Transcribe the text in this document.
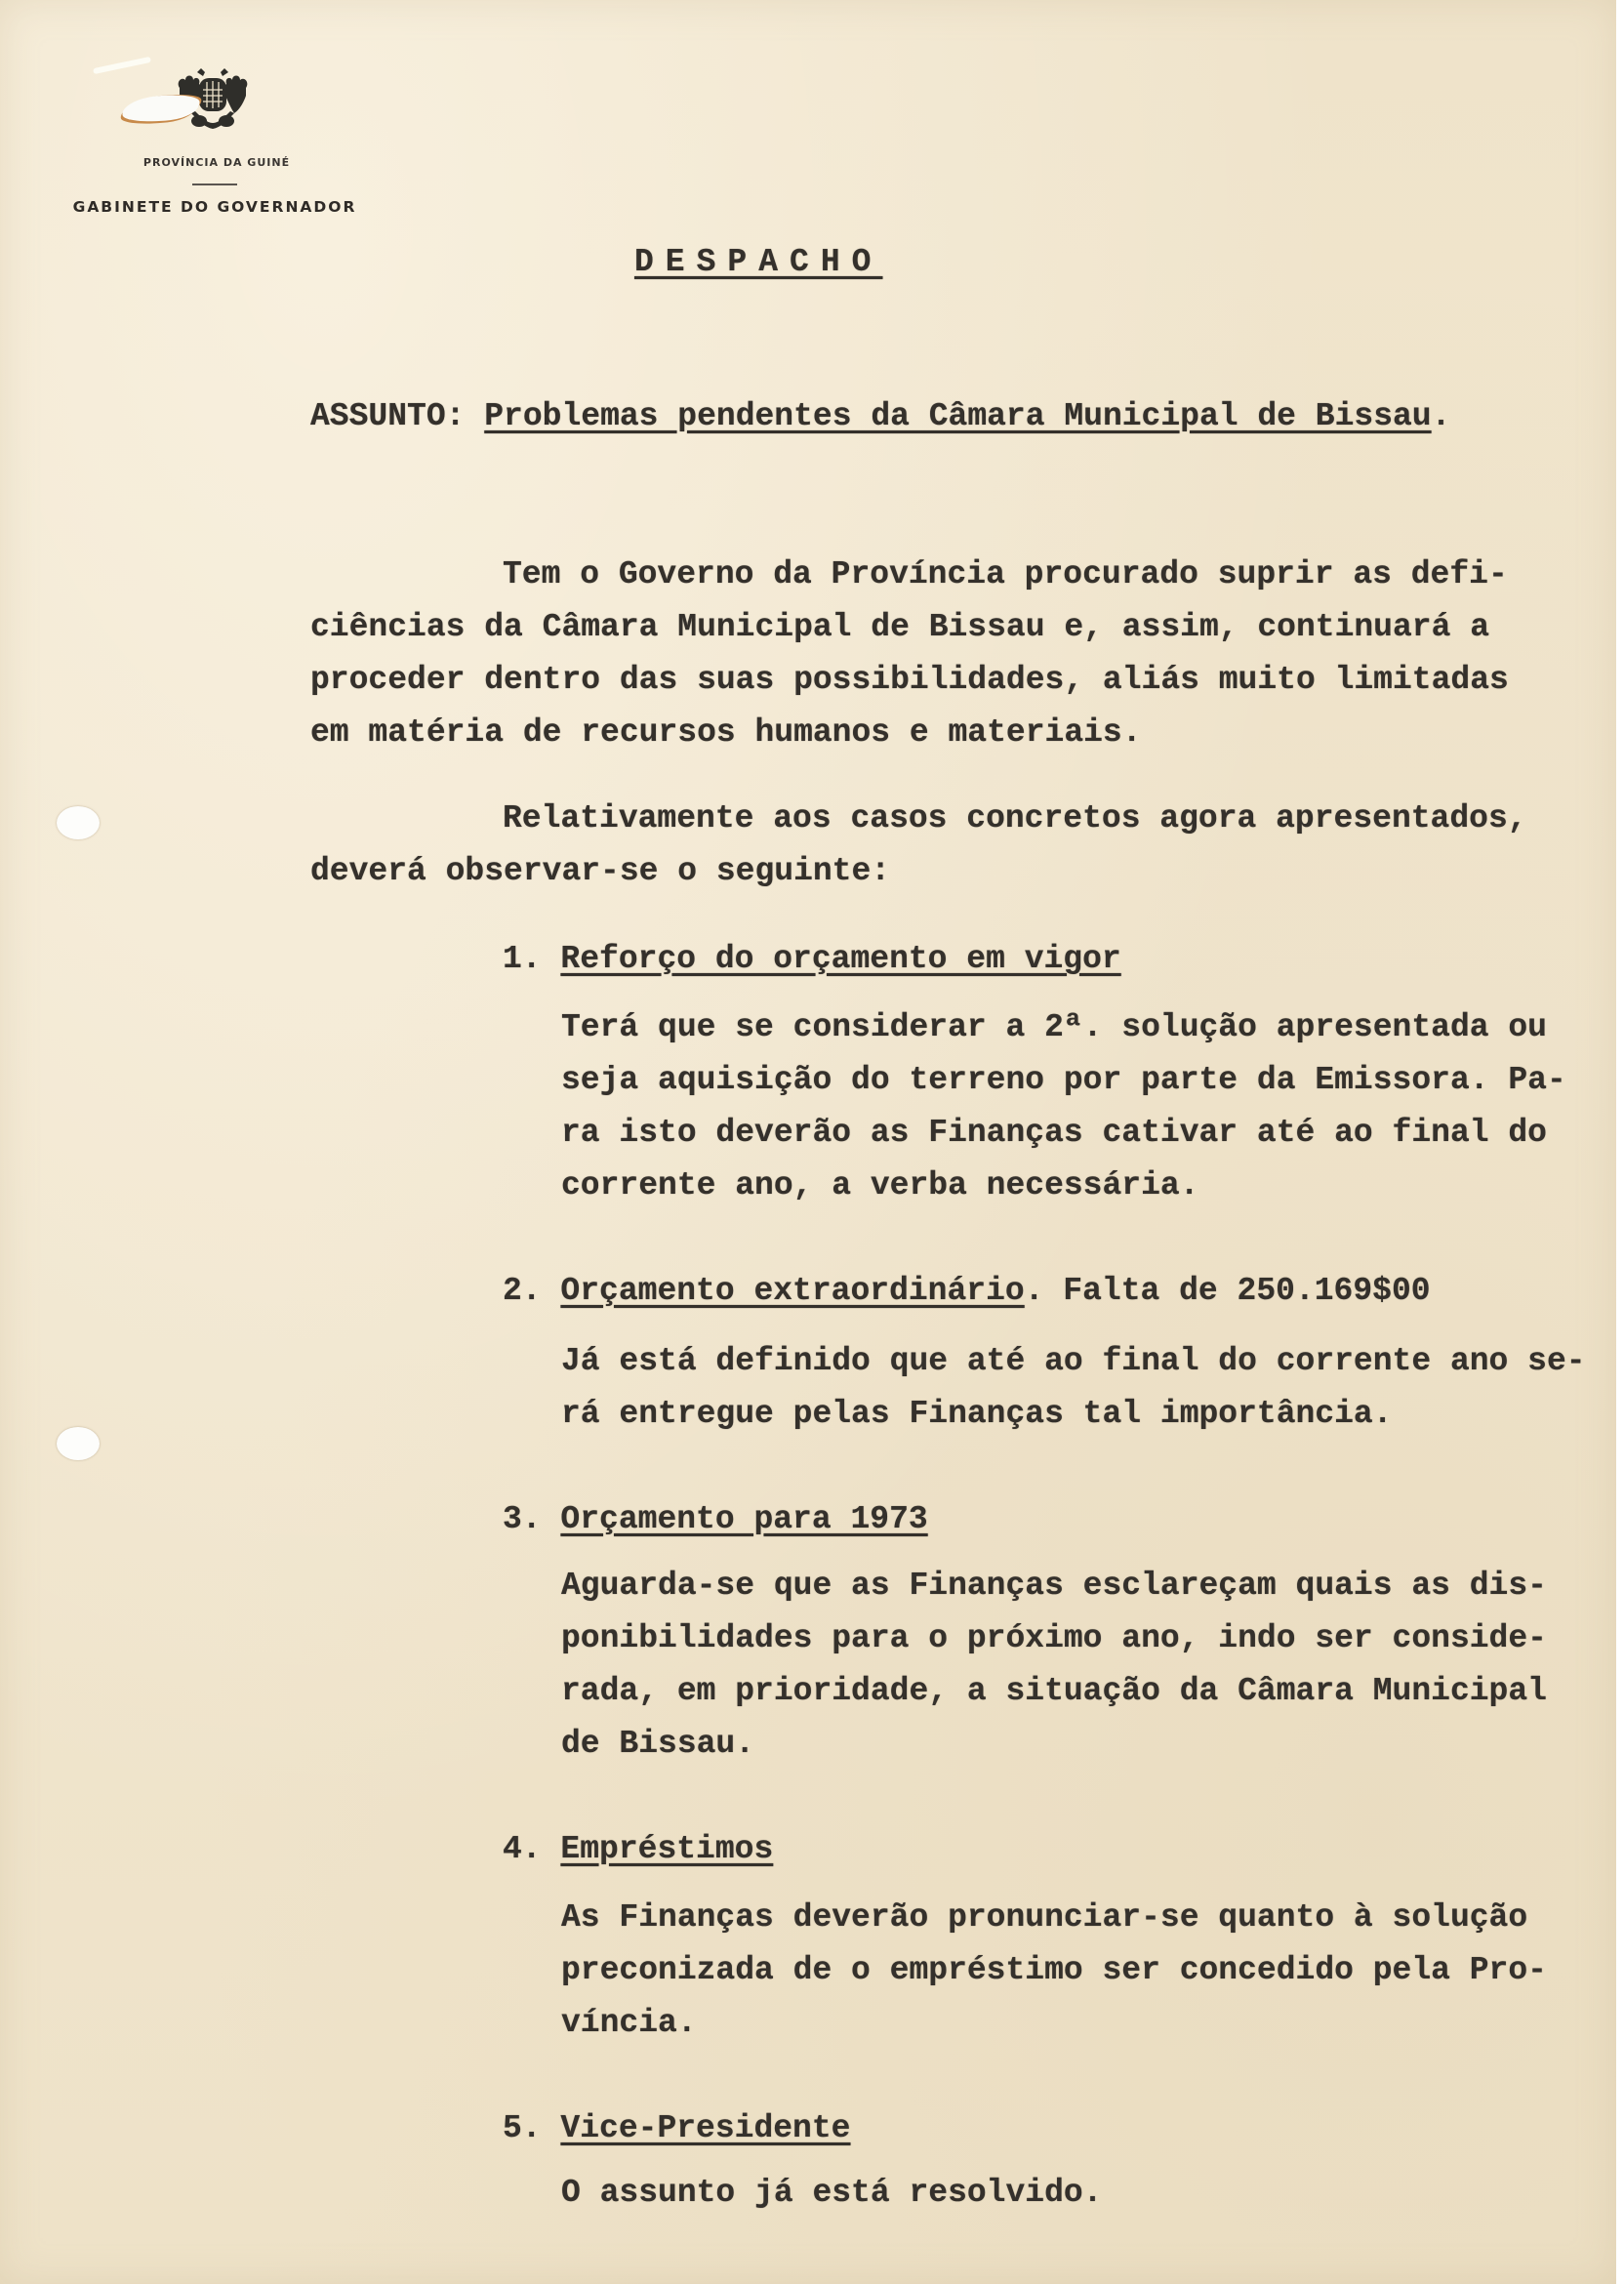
PROVÍNCIA DA GUINÉ
GABINETE DO GOVERNADOR
DESPACHO
ASSUNTO: Problemas pendentes da Câmara Municipal de Bissau.
Tem o Governo da Província procurado suprir as defi-
ciências da Câmara Municipal de Bissau e, assim, continuará a
proceder dentro das suas possibilidades, aliás muito limitadas
em matéria de recursos humanos e materiais.
Relativamente aos casos concretos agora apresentados,
deverá observar-se o seguinte:
1. Reforço do orçamento em vigor
Terá que se considerar a 2ª. solução apresentada ou
seja aquisição do terreno por parte da Emissora. Pa-
ra isto deverão as Finanças cativar até ao final do
corrente ano, a verba necessária.
2. Orçamento extraordinário. Falta de 250.169$00
Já está definido que até ao final do corrente ano se-
rá entregue pelas Finanças tal importância.
3. Orçamento para 1973
Aguarda-se que as Finanças esclareçam quais as dis-
ponibilidades para o próximo ano, indo ser conside-
rada, em prioridade, a situação da Câmara Municipal
de Bissau.
4. Empréstimos
As Finanças deverão pronunciar-se quanto à solução
preconizada de o empréstimo ser concedido pela Pro-
víncia.
5. Vice-Presidente
O assunto já está resolvido.
